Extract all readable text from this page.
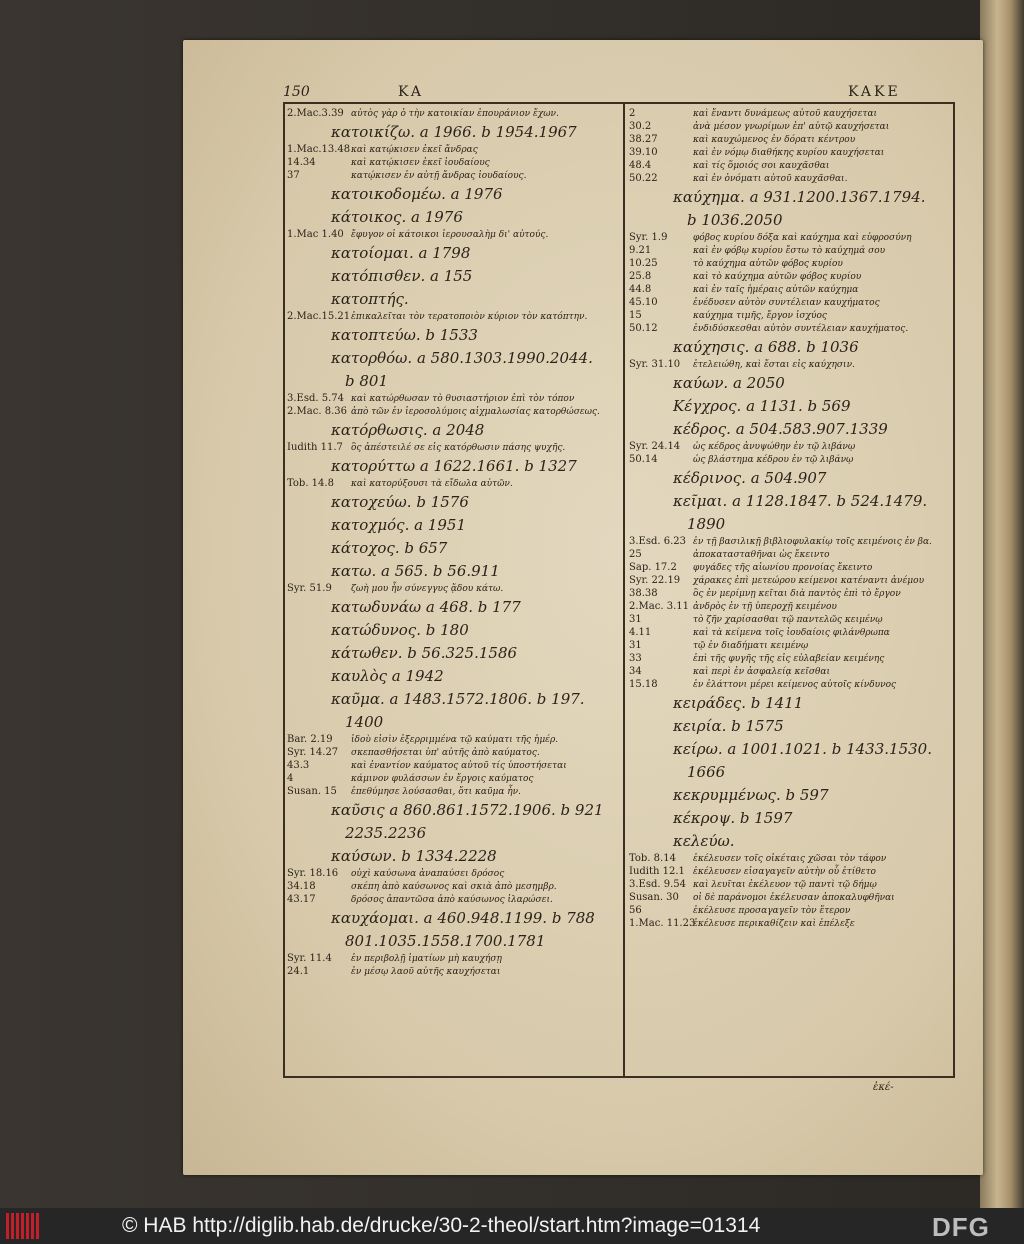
150	KA	KAKE
2.Mac.3.39 αὐτὸς γὰρ ὁ τὴν κατοικίαν ἐπουράνιον ἔχων.
κατοικίζω. a 1966. b 1954.1967
1.Mac.13.48καὶ κατῴκισεν ἐκεῖ ἄνδρας
14.34	καὶ κατῴκισεν ἐκεῖ ἰουδαίους
37	κατῴκισεν ἐν αὐτῇ ἄνδρας ἰουδαίους.
κατοικοδομέω. a 1976
κάτοικος. a 1976
1.Mac 1.40 ἔφυγον οἱ κάτοικοι ἱερουσαλὴμ δι' αὐτούς.
κατοίομαι. a 1798
κατόπισθεν. a 155
κατοπτής.
2.Mac.15.21ἐπικαλεῖται τὸν τερατοποιὸν κύριον τὸν κατόπτην.
κατοπτεύω. b 1533
κατορθόω. a 580.1303.1990.2044.
b 801
3.Esd. 5.74 καὶ κατώρθωσαν τὸ θυσιαστήριον ἐπὶ τὸν τόπον
2.Mac. 8.36 ἀπὸ τῶν ἐν ἱεροσολύμοις αἰχμαλωσίας κατορθώσεως.
κατόρθωσις. a 2048
Iudith 11.7 ὃς ἀπέστειλέ σε εἰς κατόρθωσιν πάσης ψυχῆς.
κατορύττω a 1622.1661. b 1327
Tob. 14.8 καὶ κατορύξουσι τὰ εἴδωλα αὐτῶν.
κατοχεύω. b 1576
κατοχμός. a 1951
κάτοχος. b 657
κατω. a 565. b 56.911
Syr. 51.9 ζωὴ μου ἦν σύνεγγυς ᾅδου κάτω.
κατωδυνάω a 468. b 177
κατώδυνος. b 180
κάτωθεν. b 56.325.1586
καυλὸς a 1942
καῦμα. a 1483.1572.1806. b 197.
1400
Bar. 2.19 ἰδοὺ εἰσὶν ἐξερριμμένα τῷ καύματι τῆς ἡμέρ.
Syr. 14.27 σκεπασθήσεται ὑπ' αὐτῆς ἀπὸ καύματος.
43.3	καὶ ἐναντίον καύματος αὐτοῦ τίς ὑποστήσεται
4	κάμινον φυλάσσων ἐν ἔργοις καύματος
Susan. 15 ἐπεθύμησε λούσασθαι, ὅτι καῦμα ἦν.
καῦσις a 860.861.1572.1906. b 921
2235.2236
καύσων. b 1334.2228
Syr. 18.16 οὐχὶ καύσωνα ἀναπαύσει δρόσος
34.18	σκέπη ἀπὸ καύσωνος καὶ σκιὰ ἀπὸ μεσημβρ.
43.17	δρόσος ἀπαντῶσα ἀπὸ καύσωνος ἱλαρώσει.
καυχάομαι. a 460.948.1199. b 788
801.1035.1558.1700.1781
Syr. 11.4 ἐν περιβολῇ ἱματίων μὴ καυχήσῃ
24.1	ἐν μέσῳ λαοῦ αὐτῆς καυχήσεται
2	καὶ ἔναντι δυνάμεως αὐτοῦ καυχήσεται
30.2	ἀνὰ μέσον γνωρίμων ἐπ' αὐτῷ καυχήσεται
38.27	καὶ καυχώμενος ἐν δόρατι κέντρου
39.10	καὶ ἐν νόμῳ διαθήκης κυρίου καυχήσεται
48.4	καὶ τίς ὅμοιός σοι καυχᾶσθαι
50.22	καὶ ἐν ὀνόματι αὐτοῦ καυχᾶσθαι.
καύχημα. a 931.1200.1367.1794.
b 1036.2050
Syr. 1.9	φόβος κυρίου δόξα καὶ καύχημα καὶ εὐφροσύνη
9.21	καὶ ἐν φόβῳ κυρίου ἔστω τὸ καύχημά σου
10.25	τὸ καύχημα αὐτῶν φόβος κυρίου
25.8	καὶ τὸ καύχημα αὐτῶν φόβος κυρίου
44.8	καὶ ἐν ταῖς ἡμέραις αὐτῶν καύχημα
45.10	ἐνέδυσεν αὐτὸν συντέλειαν καυχήματος
15	καύχημα τιμῆς, ἔργον ἰσχύος
50.12	ἐνδιδύσκεσθαι αὐτὸν συντέλειαν καυχήματος.
καύχησις. a 688. b 1036
Syr. 31.10 ἐτελειώθη, καὶ ἔσται εἰς καύχησιν.
καύων. a 2050
Κέγχρος. a 1131. b 569
κέδρος. a 504.583.907.1339
Syr. 24.14 ὡς κέδρος ἀνυψώθην ἐν τῷ λιβάνῳ
50.14	ὡς βλάστημα κέδρου ἐν τῷ λιβάνῳ
κέδρινος. a 504.907
κεῖμαι. a 1128.1847. b 524.1479.
1890
3.Esd. 6.23 ἐν τῇ βασιλικῇ βιβλιοφυλακίῳ τοῖς κειμένοις ἐν βα.
25	ἀποκατασταθῆναι ὡς ἔκειντο
Sap. 17.2 φυγάδες τῆς αἰωνίου προνοίας ἔκειντο
Syr. 22.19 χάρακες ἐπὶ μετεώρου κείμενοι κατέναντι ἀνέμου
38.38	ὃς ἐν μερίμνῃ κεῖται διὰ παντὸς ἐπὶ τὸ ἔργον
2.Mac. 3.11 ἀνδρὸς ἐν τῇ ὑπεροχῇ κειμένου
31	τὸ ζῆν χαρίσασθαι τῷ παντελῶς κειμένῳ
4.11	καὶ τὰ κείμενα τοῖς ἰουδαίοις φιλάνθρωπα
31	τῷ ἐν διαδήματι κειμένῳ
33	ἐπὶ τῆς φυγῆς τῆς εἰς εὐλαβείαν κειμένης
34	καὶ περὶ ἐν ἀσφαλείᾳ κεῖσθαι
15.18	ἐν ἐλάττονι μέρει κείμενος αὐτοῖς κίνδυνος
κειράδες. b 1411
κειρία. b 1575
κείρω. a 1001.1021. b 1433.1530.
1666
κεκρυμμένως. b 597
κέκροψ. b 1597
κελεύω.
Tob. 8.14 ἐκέλευσεν τοῖς οἰκέταις χῶσαι τὸν τάφον
Iudith 12.1 ἐκέλευσεν εἰσαγαγεῖν αὐτὴν οὗ ἐτίθετο
3.Esd. 9.54 καὶ λευῖται ἐκέλευον τῷ παντὶ τῷ δήμῳ
Susan. 30 οἱ δὲ παράνομοι ἐκέλευσαν ἀποκαλυφθῆναι
56	ἐκέλευσε προσαγαγεῖν τὸν ἕτερον
1.Mac. 11.23ἐκέλευσε περικαθίζειν καὶ ἐπέλεξε
ἐκέ-
© HAB http://diglib.hab.de/drucke/30-2-theol/start.htm?image=01314	DFG
